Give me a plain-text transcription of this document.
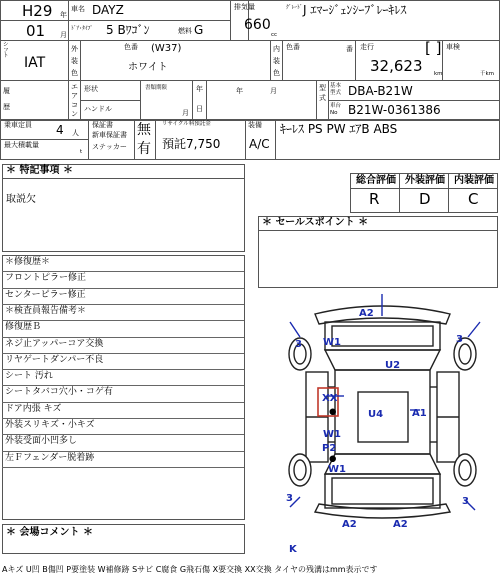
H29 年
01 月
車名 DAYZ
ﾄﾞｱ･ﾀｲﾌﾟ 5 Bﾜｺﾞﾝ	燃料 G
排気量
660
cc
ｸﾞﾚｰﾄﾞ J ｴﾏｰｼﾞｪﾝｼｰﾌﾞﾚｰｷﾚｽ
シフト IAT
外装色
色番 (W37)
ホワイト
内装色
色番	番 走行	[ ]
32,623 km
車検
千km
履歴
エアコン
形状
ハンドル
書類期限
月
年	年	月
日
型式
基本型式 DBA-B21W
車台No B21W-0361386
乗車定員 4 人
最大積載量
t
保証書
新車保証書
ステッカー
無
有
リサイクル料預託金
預託7,750 A/C
装備 ｷｰﾚｽ PS PW ｴｱB ABS
＊ 特記事項 ＊
取説欠
総合評価 外装評価 内装評価
R	D C
＊ セールスポイント ＊
＊修復歴＊
フロントピラー修正
センターピラー修正
＊検査員報告備考＊
修復歴Ｂ
ネジ止アッパーコア交換
リヤゲートダンパー不良
シート 汚れ
シートタバコ穴小・コゲ有
ドア内張 キズ
外装スリキズ・小キズ
外装受面小凹多し
左Ｆフェンダー脱着跡
A2
W1
U2
3	3
XX
●	U4	A1
W1
P2
●
W1
3	3
A2	A2
K
＊ 会場コメント ＊
Aキズ U凹 B傷凹 P要塗装 W補修跡 Sサビ C腐食 G飛石傷 X要交換 XX交換 タイヤの残溝はmm表示です
